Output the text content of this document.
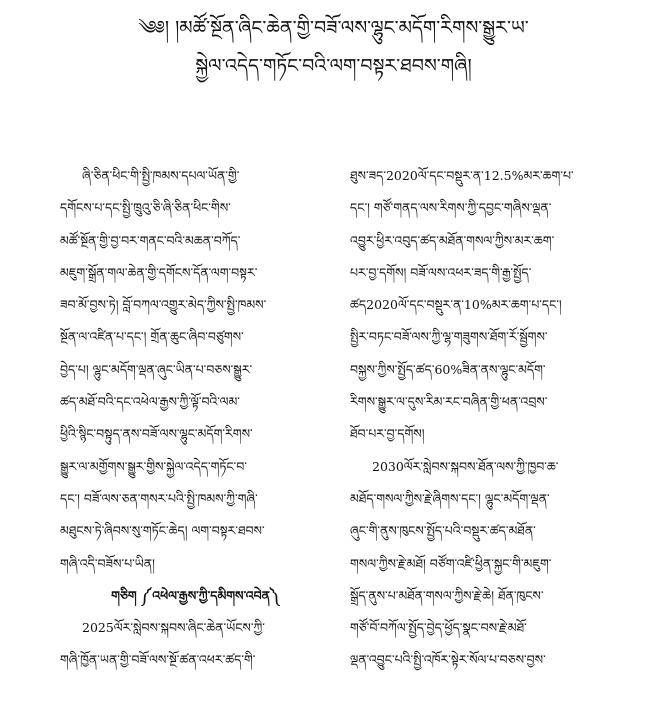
༄༅། །མཚོ་སྔོན་ཞིང་ཆེན་གྱི་བཟོ་ལས་ལྷུང་མདོག་རིགས་སྒྱུར་ཡ་
སྐྱེལ་འདེད་གཏོང་བའི་ལག་བསྟར་ཐབས་གཞི།
ཞི་ཅིན་ཕིང་གི་སྤྱི་ཁམས་དཔལ་ཡོན་གྱི་
དགོངས་པ་དང་སྤྱི་ཁྲུའུ་ཅི་ཞི་ཅིན་ཕིང་གིས་
མཚོ་སྔོན་གྱི་བྱ་བར་གནང་བའི་མཆན་བཀོད་
མཇུག་སྒྲོན་གལ་ཆེན་གྱི་དགོངས་དོན་ལག་བསྟར་
ཟབ་མོ་བྱས་ཏེ། བློ་བཀལ་འགྱུར་མེད་ཀྱིས་སྤྱི་ཁམས་
སྔོན་ལ་འཛིན་པ་དང་། གྲོན་ཆུང་ཞིབ་བཙུགས་
བྱེད་པ། ལྷུང་མདོག་ལྡན་ཞུང་ཡིན་པ་བཅས་སྒྱུར་
ཚད་མཐོ་བའི་དང་འཕེལ་རྒྱས་ཀྱི་ལྟོ་བའི་ལམ་
ཕྱིའི་སྙིང་བསྟུད་ནས་བཟོ་ལས་ལྷུང་མདོག་རིགས་
སྒྱུར་ལ་མགྱོགས་སྒྱུར་གྱིས་སྐྱེལ་འདེད་གཏོང་བ་
དང་། བཟོ་ལས་ཅན་གསར་པའི་སྤྱི་ཁམས་ཀྱི་གཞི་
མཐུངས་ཏེ་ཞིབས་སུ་གཏོང་ཆེད། ལག་བསྟར་ཐབས་
གཞི་འདི་བཟོས་པ་ཡིན།
གཅིག ༼འཕེལ་རྒྱས་ཀྱི་དམིགས་འབེན༽
2025ལོར་སླེབས་སྐབས་ཞིང་ཆེན་ཡོངས་ཀྱི་
གཞི་ཁྱོན་ཡན་གྱི་བཟོ་ལས་སྔོ་ཚན་འཕར་ཚད་གི་
ཐུས་ཟད་2020ལོ་དང་བསྡུར་ན་12.5%མར་ཆག་པ་
དང་། གཙོ་གནད་ལས་རིགས་ཀྱི་དབྱང་གཞིས་ལྡན་
འབྱུར་ཕྱིར་འབུད་ཚད་མཐོན་གསལ་ཀྱིས་མར་ཆག་
པར་བྱ་དགོས། བཟོ་ལས་འཕར་ཟད་གི་རྒྱ་སྤྱོད་
ཚད2020ལོ་དང་བསྡུར་ན་10%མར་ཆག་པ་དང་།
སྤྱིར་བཏང་བཟོ་ལས་ཀྱི་ལྷ་གཟུགས་ཐོག་རོ་སྦྱོགས་
བསྐྱས་ཀྱིས་སྤྱོད་ཚད་60%ཟིན་ནས་ལྷུང་མདོག་
རིགས་སྒྱུར་ལ་དུས་རིམ་རང་བཞིན་གྱི་ཕན་འབྲས་
ཐོབ་པར་བྱ་དགོས།
2030ལོར་སླེབས་སྐབས་ཐོན་ལས་ཀྱི་ཁྱབ་ཆ་
མཐོད་གསལ་ཀྱིས་རྗེ་ཞིགས་དང་། ལྷུང་མདོག་ལྡན་
ཞུང་གི་ནུས་ཁུངས་སྤྱོད་པའི་བསྡུར་ཚད་མཐོན་
གསལ་ཀྱིས་རྗེ་མཐོ། བཙོག་འཛི་ཕྱིན་སྐྱང་གི་མཇུག་
སྒྲོད་ནུས་པ་མཐོན་གསལ་ཀྱིས་རྗེ་ཆེ། ཐོན་ཁུངས་
གཙོ་བོ་བཀོལ་སྤྱོད་བྱེད་ཕྱོད་སྣང་བས་རྗེ་མཐོ་
ལྡན་འབྱུང་པའི་སྤྱི་འཁོར་སྟེར་སོལ་པ་བཅས་བྱས་
